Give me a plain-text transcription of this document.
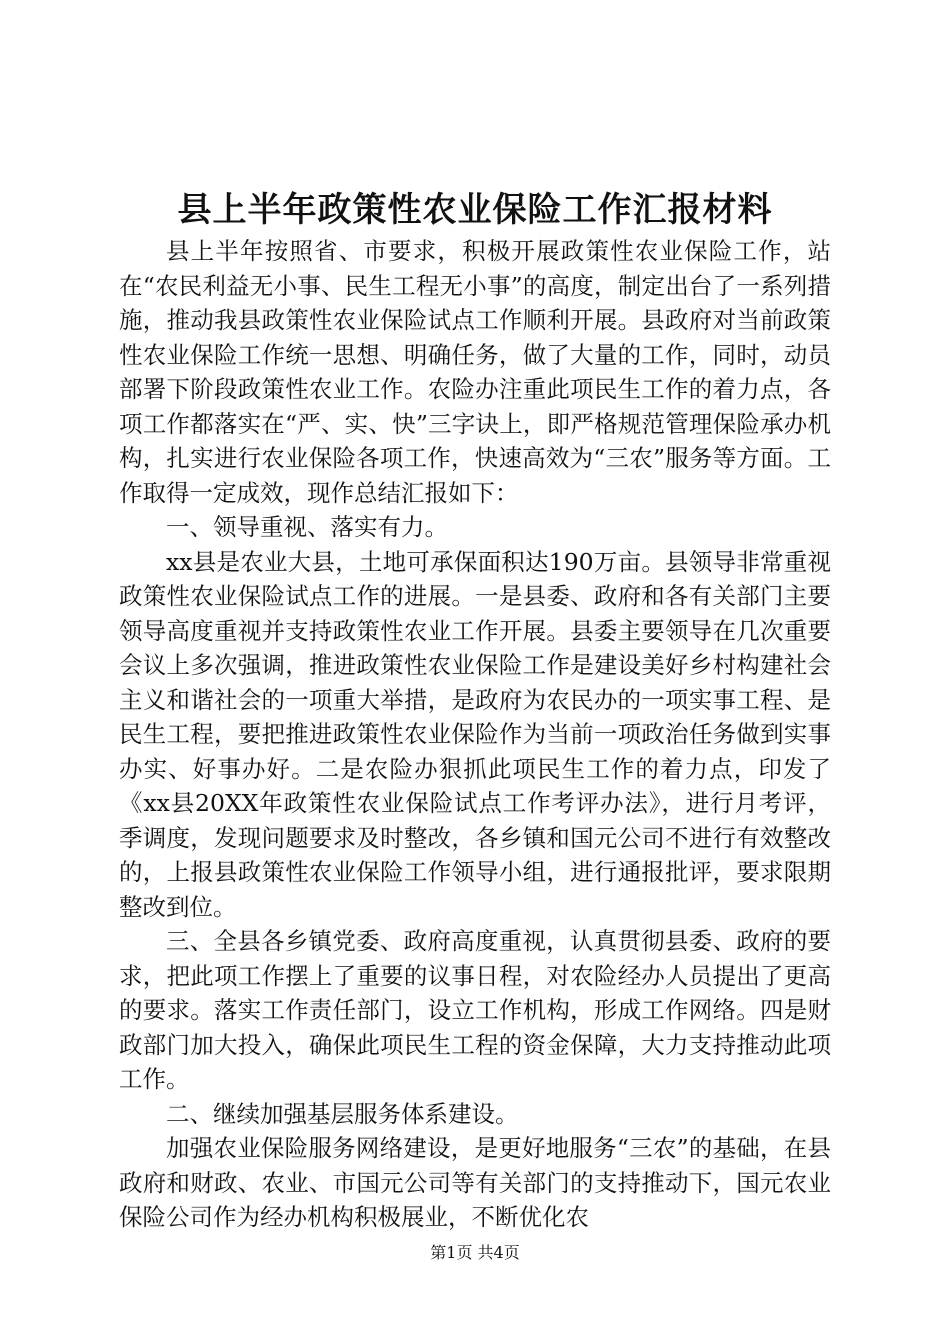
县上半年政策性农业保险工作汇报材料

县上半年按照省、市要求，积极开展政策性农业保险工作，站在“农民利益无小事、民生工程无小事”的高度，制定出台了一系列措施，推动我县政策性农业保险试点工作顺利开展。县政府对当前政策性农业保险工作统一思想、明确任务，做了大量的工作，同时，动员部署下阶段政策性农业工作。农险办注重此项民生工作的着力点，各项工作都落实在“严、实、快”三字诀上，即严格规范管理保险承办机构，扎实进行农业保险各项工作，快速高效为“三农”服务等方面。工作取得一定成效，现作总结汇报如下：

一、领导重视、落实有力。

xx县是农业大县，土地可承保面积达190万亩。县领导非常重视政策性农业保险试点工作的进展。一是县委、政府和各有关部门主要领导高度重视并支持政策性农业工作开展。县委主要领导在几次重要会议上多次强调，推进政策性农业保险工作是建设美好乡村构建社会主义和谐社会的一项重大举措，是政府为农民办的一项实事工程、是民生工程，要把推进政策性农业保险作为当前一项政治任务做到实事办实、好事办好。二是农险办狠抓此项民生工作的着力点，印发了《xx县20XX年政策性农业保险试点工作考评办法》，进行月考评，季调度，发现问题要求及时整改，各乡镇和国元公司不进行有效整改的，上报县政策性农业保险工作领导小组，进行通报批评，要求限期整改到位。

三、全县各乡镇党委、政府高度重视，认真贯彻县委、政府的要求，把此项工作摆上了重要的议事日程，对农险经办人员提出了更高的要求。落实工作责任部门，设立工作机构，形成工作网络。四是财政部门加大投入，确保此项民生工程的资金保障，大力支持推动此项工作。

二、继续加强基层服务体系建设。

加强农业保险服务网络建设，是更好地服务“三农”的基础，在县政府和财政、农业、市国元公司等有关部门的支持推动下，国元农业保险公司作为经办机构积极展业，不断优化农

第1页 共4页
